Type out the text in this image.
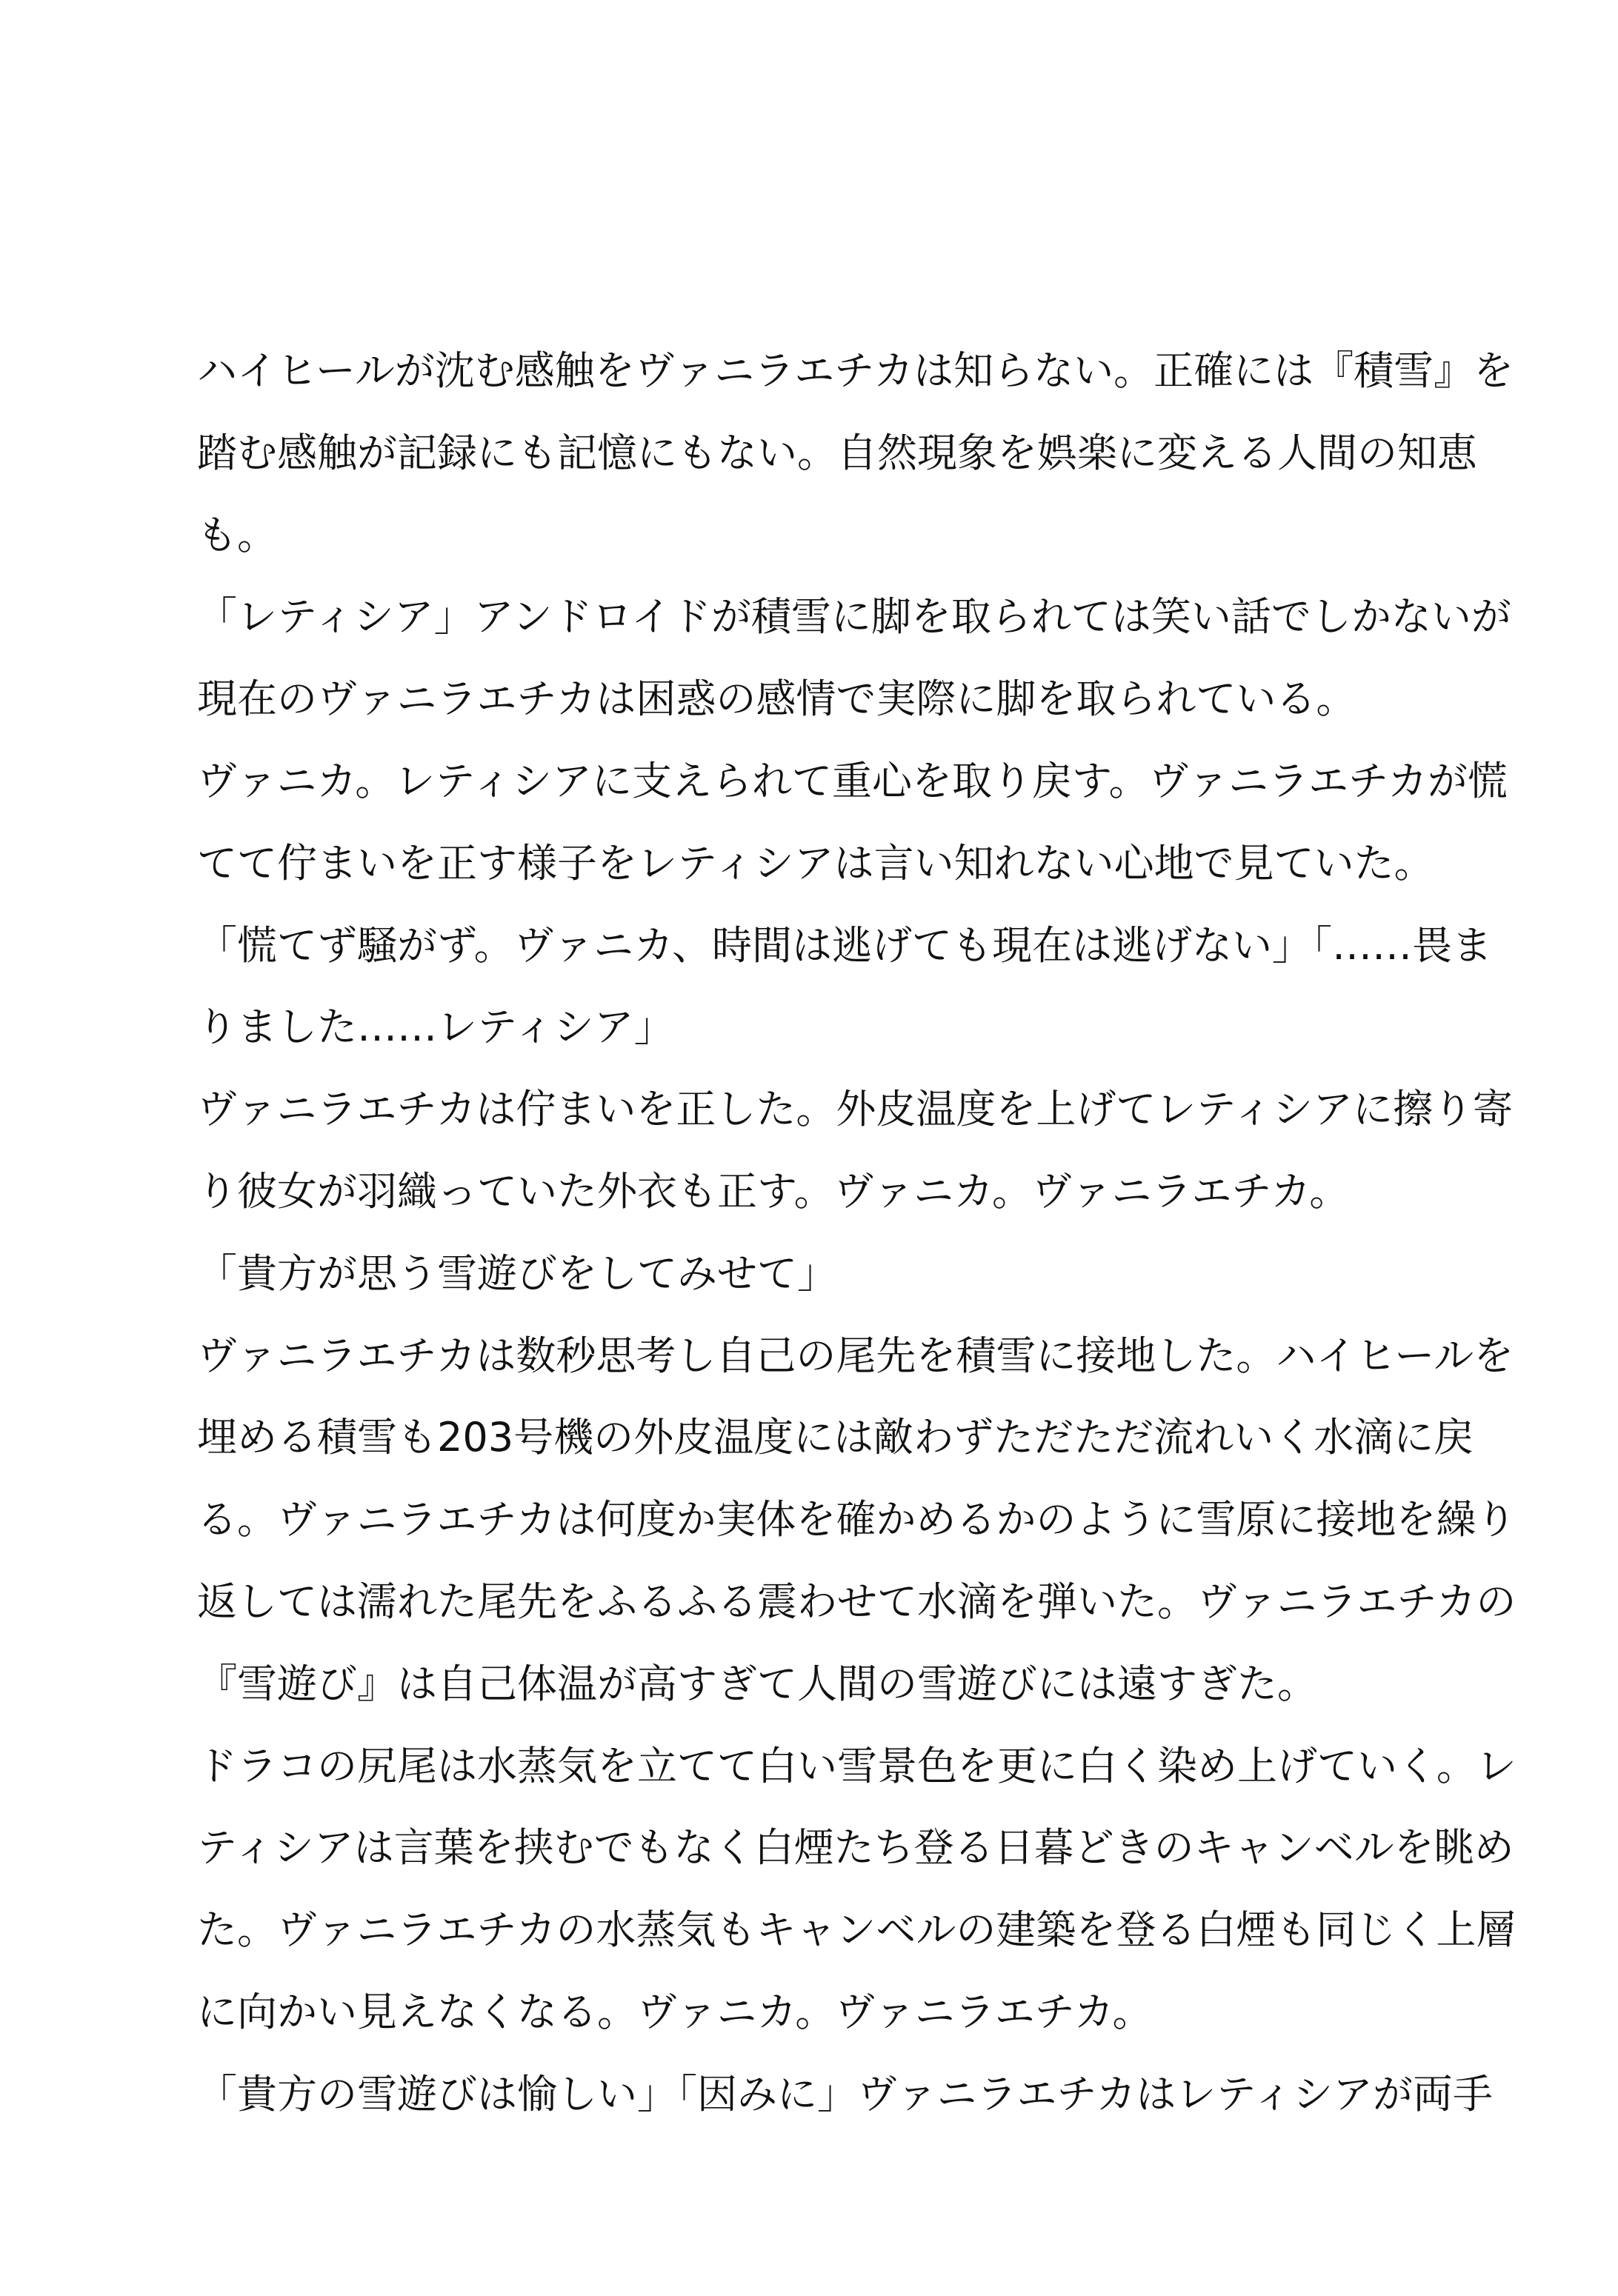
ハイヒールが沈む感触をヴァニラエチカは知らない。正確には『積雪』を
踏む感触が記録にも記憶にもない。自然現象を娯楽に変える人間の知恵
も。
「レティシア」アンドロイドが積雪に脚を取られては笑い話でしかないが
現在のヴァニラエチカは困惑の感情で実際に脚を取られている。
ヴァニカ。レティシアに支えられて重心を取り戻す。ヴァニラエチカが慌
てて佇まいを正す様子をレティシアは言い知れない心地で見ていた。
「慌てず騒がず。ヴァニカ、時間は逃げても現在は逃げない」「……畏ま
りました……レティシア」
ヴァニラエチカは佇まいを正した。外皮温度を上げてレティシアに擦り寄
り彼女が羽織っていた外衣も正す。ヴァニカ。ヴァニラエチカ。
「貴方が思う雪遊びをしてみせて」
ヴァニラエチカは数秒思考し自己の尾先を積雪に接地した。ハイヒールを
埋める積雪も203号機の外皮温度には敵わずただただ流れいく水滴に戻
る。ヴァニラエチカは何度か実体を確かめるかのように雪原に接地を繰り
返しては濡れた尾先をふるふる震わせて水滴を弾いた。ヴァニラエチカの
『雪遊び』は自己体温が高すぎて人間の雪遊びには遠すぎた。
ドラコの尻尾は水蒸気を立てて白い雪景色を更に白く染め上げていく。レ
ティシアは言葉を挟むでもなく白煙たち登る日暮どきのキャンベルを眺め
た。ヴァニラエチカの水蒸気もキャンベルの建築を登る白煙も同じく上層
に向かい見えなくなる。ヴァニカ。ヴァニラエチカ。
「貴方の雪遊びは愉しい」「因みに」ヴァニラエチカはレティシアが両手
